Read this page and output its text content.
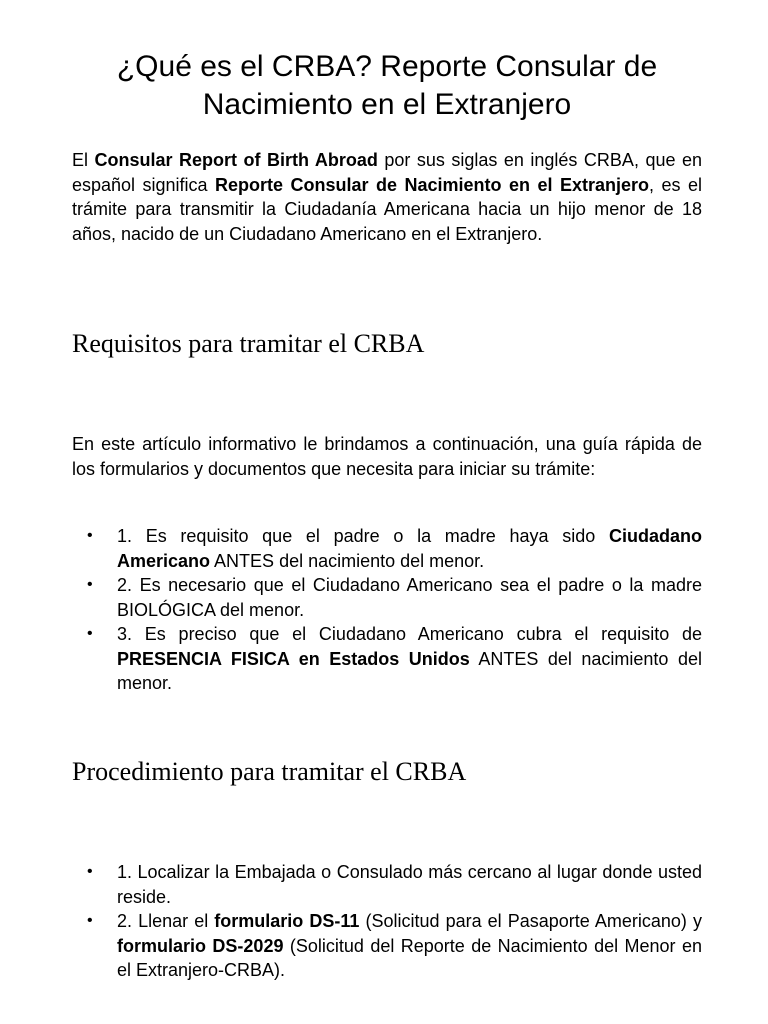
¿Qué es el CRBA? Reporte Consular de
Nacimiento en el Extranjero

El Consular Report of Birth Abroad por sus siglas en inglés CRBA, que en español significa Reporte Consular de Nacimiento en el Extranjero, es el trámite para transmitir la Ciudadanía Americana hacia un hijo menor de 18 años, nacido de un Ciudadano Americano en el Extranjero.

Requisitos para tramitar el CRBA

En este artículo informativo le brindamos a continuación, una guía rápida de los formularios y documentos que necesita para iniciar su trámite:

• 1. Es requisito que el padre o la madre haya sido Ciudadano Americano ANTES del nacimiento del menor.
• 2. Es necesario que el Ciudadano Americano sea el padre o la madre BIOLÓGICA del menor.
• 3. Es preciso que el Ciudadano Americano cubra el requisito de PRESENCIA FISICA en Estados Unidos ANTES del nacimiento del menor.
Procedimiento para tramitar el CRBA
• 1. Localizar la Embajada o Consulado más cercano al lugar donde usted reside.
• 2. Llenar el formulario DS-11 (Solicitud para el Pasaporte Americano) y formulario DS-2029 (Solicitud del Reporte de Nacimiento del Menor en el Extranjero-CRBA).
